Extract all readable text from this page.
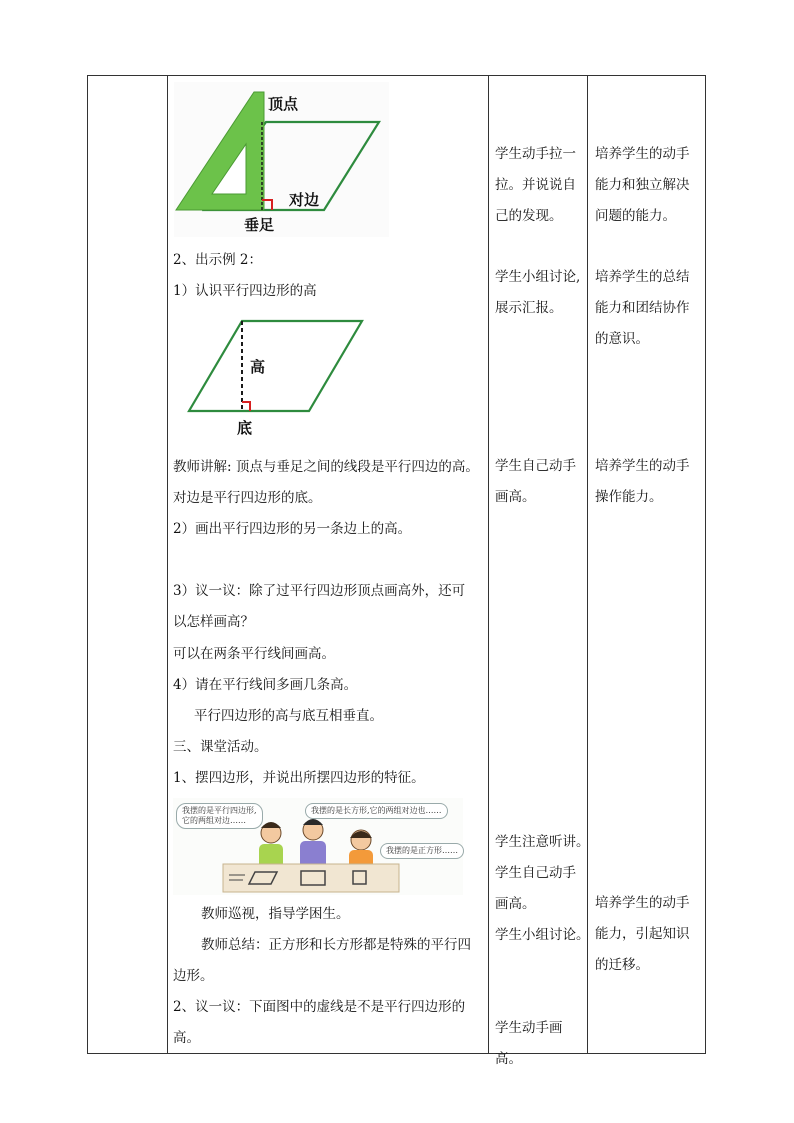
顶点
对边
垂足
2、出示例 2：
1）认识平行四边形的高
高
底
教师讲解: 顶点与垂足之间的线段是平行四边的高。
对边是平行四边形的底。
2）画出平行四边形的另一条边上的高。
3）议一议：除了过平行四边形顶点画高外，还可
以怎样画高？
可以在两条平行线间画高。
4）请在平行线间多画几条高。
平行四边形的高与底互相垂直。
三、课堂活动。
1、摆四边形，并说出所摆四边形的特征。
我摆的是平行四边形,
它的两组对边……
我摆的是长方形,它的两组对边也……
我摆的是正方形……
教师巡视，指导学困生。
教师总结：正方形和长方形都是特殊的平行四
边形。
2、议一议：下面图中的虚线是不是平行四边形的
高。
学生动手拉一
拉。并说说自
己的发现。
学生小组讨论,
展示汇报。
学生自己动手
画高。
学生注意听讲。
学生自己动手
画高。
学生小组讨论。
学生动手画高。
培养学生的动手
能力和独立解决
问题的能力。
培养学生的总结
能力和团结协作
的意识。
培养学生的动手
操作能力。
培养学生的动手
能力，引起知识
的迁移。
